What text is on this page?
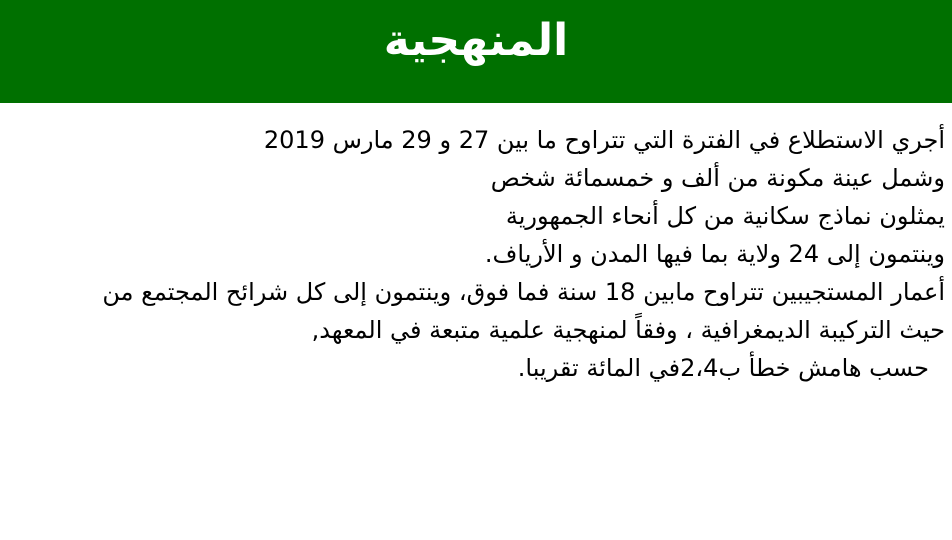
المنهجية
أجري الاستطلاع في الفترة التي تتراوح ما بين 27 و 29 مارس 2019
وشمل عينة مكونة من ألف و خمسمائة شخص
يمثلون نماذج سكانية من كل أنحاء الجمهورية
وينتمون إلى 24 ولاية بما فيها المدن و الأرياف.
أعمار المستجيبين تتراوح مابين 18 سنة فما فوق، وينتمون إلى كل شرائح المجتمع من
حيث التركيبة الديمغرافية ، وفقاً لمنهجية علمية متبعة في المعهد,
حسب هامش خطأ ب2،4في المائة تقريبا.
